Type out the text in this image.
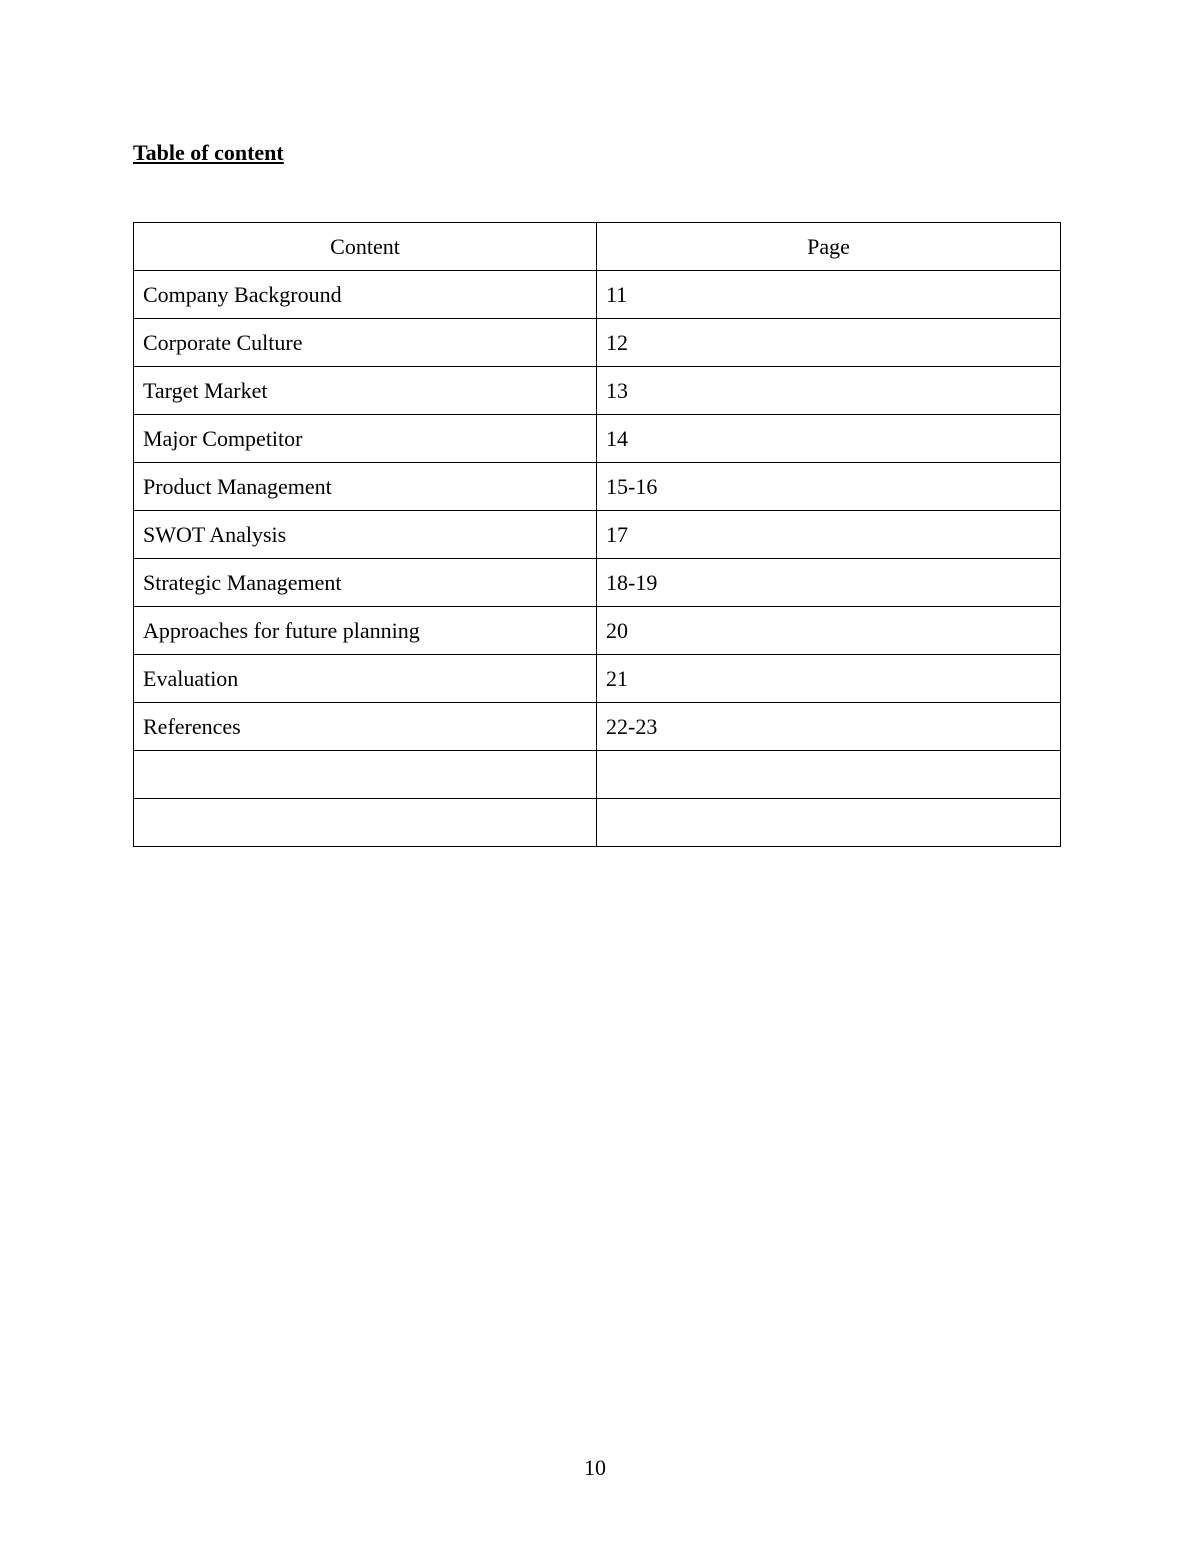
Table of content
Content	Page
Company Background	11
Corporate Culture	12
Target Market	13
Major Competitor	14
Product Management	15-16
SWOT Analysis	17
Strategic Management	18-19
Approaches for future planning	20
Evaluation	21
References	22-23

10
